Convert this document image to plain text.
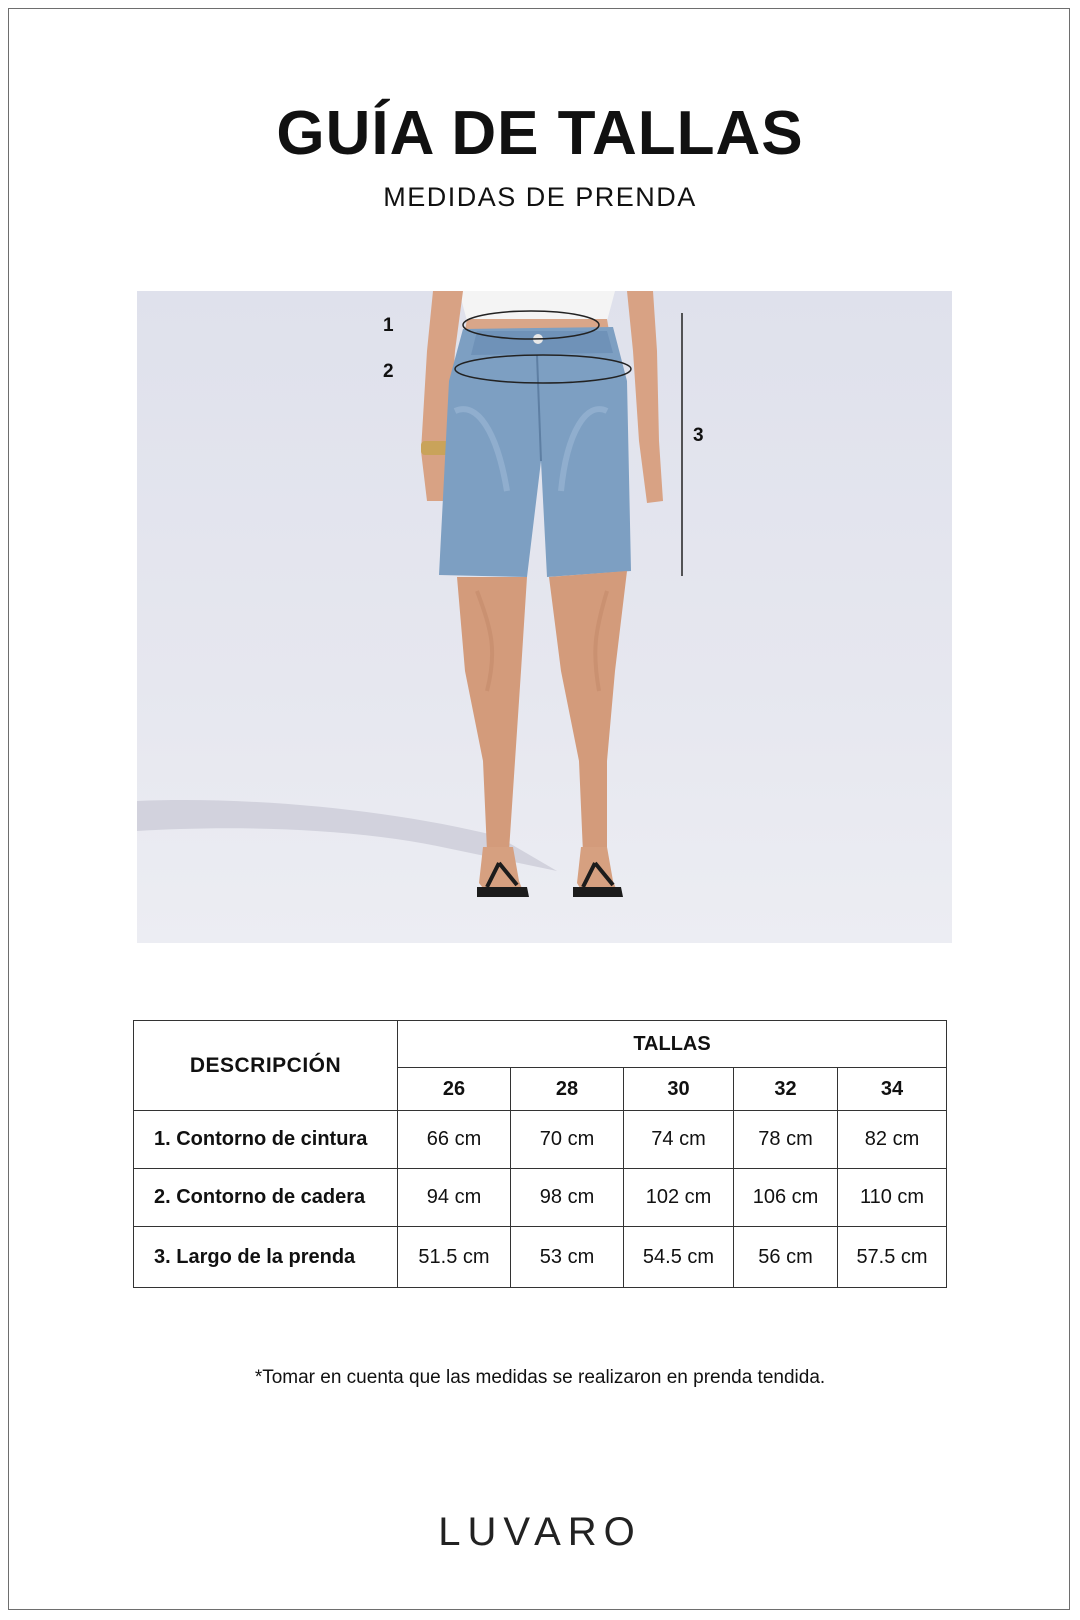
GUÍA DE TALLAS
MEDIDAS DE PRENDA
1
2
3
DESCRIPCIÓN	TALLAS				
	26	28	30	32	34
1. Contorno de cintura	66 cm	70 cm	74 cm	78 cm	82 cm
2. Contorno de cadera	94 cm	98 cm	102 cm	106 cm	110 cm
3. Largo de la prenda	51.5 cm	53 cm	54.5 cm	56 cm	57.5 cm
*Tomar en cuenta que las medidas se realizaron en prenda tendida.
LUVARO
